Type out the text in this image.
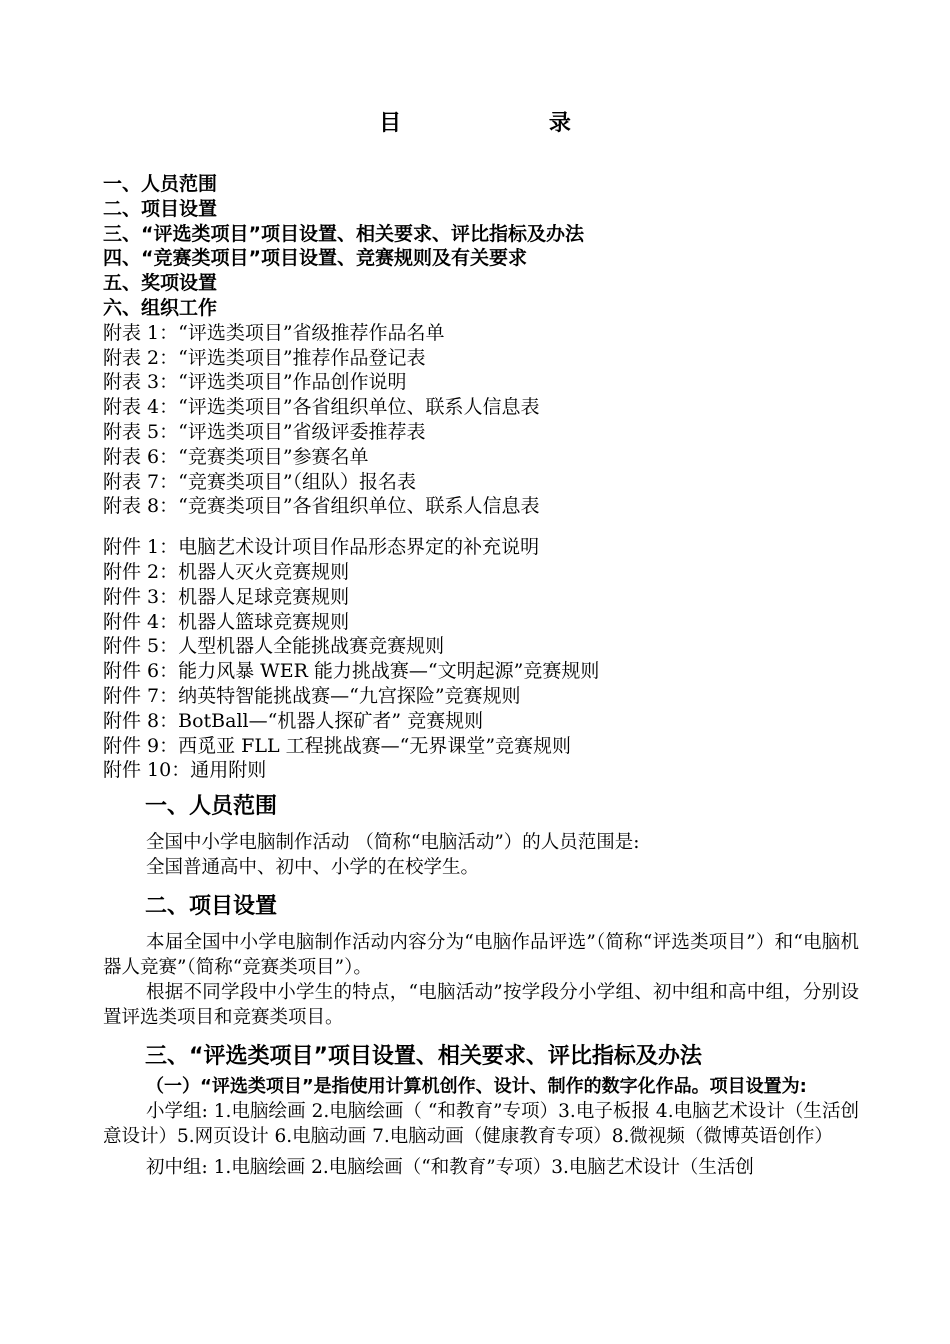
目 录
一、人员范围
二、项目设置
三、“评选类项目”项目设置、相关要求、评比指标及办法
四、“竞赛类项目”项目设置、竞赛规则及有关要求
五、奖项设置
六、组织工作
附表 1：“评选类项目”省级推荐作品名单
附表 2：“评选类项目”推荐作品登记表
附表 3：“评选类项目”作品创作说明
附表 4：“评选类项目”各省组织单位、联系人信息表
附表 5：“评选类项目”省级评委推荐表
附表 6：“竞赛类项目”参赛名单
附表 7：“竞赛类项目”（组队）报名表
附表 8：“竞赛类项目”各省组织单位、联系人信息表
附件 1：电脑艺术设计项目作品形态界定的补充说明
附件 2：机器人灭火竞赛规则
附件 3：机器人足球竞赛规则
附件 4：机器人篮球竞赛规则
附件 5：人型机器人全能挑战赛竞赛规则
附件 6：能力风暴 WER 能力挑战赛—“文明起源”竞赛规则
附件 7：纳英特智能挑战赛—“九宫探险”竞赛规则
附件 8：BotBall—“机器人探矿者” 竞赛规则
附件 9：西觅亚 FLL 工程挑战赛—“无界课堂”竞赛规则
附件 10：通用附则
一、人员范围

全国中小学电脑制作活动 （简称“电脑活动”）的人员范围是:

全国普通高中、初中、小学的在校学生。

二、项目设置

本届全国中小学电脑制作活动内容分为“电脑作品评选”（简称“评选类项目”）和“电脑机器人竞赛”（简称“竞赛类项目”）。

根据不同学段中小学生的特点，“电脑活动”按学段分小学组、初中组和高中组，分别设置评选类项目和竞赛类项目。

三、“评选类项目”项目设置、相关要求、评比指标及办法

（一）“评选类项目”是指使用计算机创作、设计、制作的数字化作品。项目设置为:

小学组: 1.电脑绘画 2.电脑绘画（ “和教育”专项）3.电子板报 4.电脑艺术设计（生活创意设计）5.网页设计 6.电脑动画 7.电脑动画（健康教育专项）8.微视频（微博英语创作）

初中组: 1.电脑绘画 2.电脑绘画（“和教育”专项）3.电脑艺术设计（生活创
